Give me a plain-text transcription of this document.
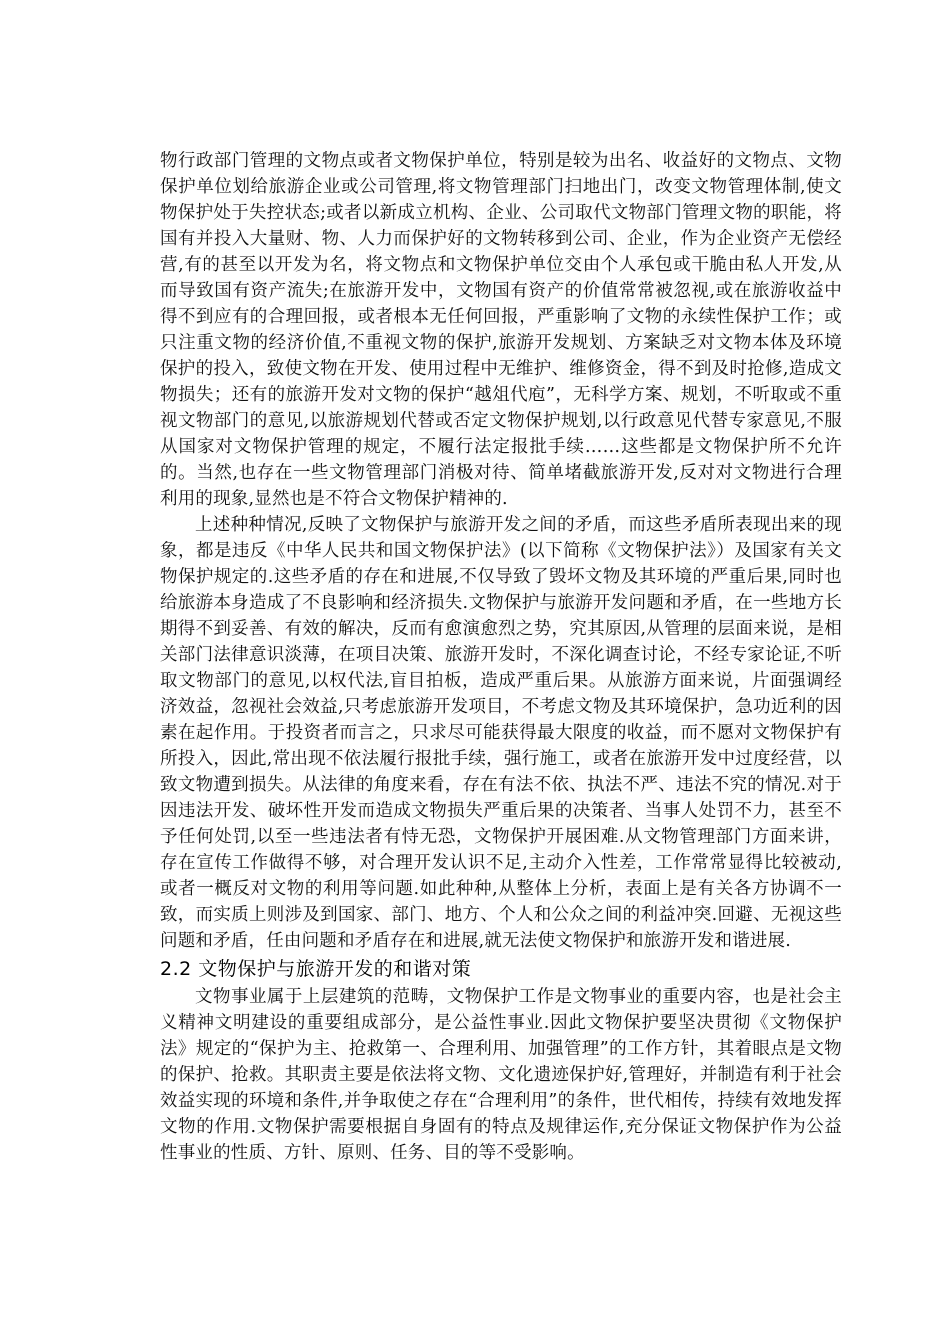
物行政部门管理的文物点或者文物保护单位，特别是较为出名、收益好的文物点、文物保护单位划给旅游企业或公司管理,将文物管理部门扫地出门，改变文物管理体制,使文物保护处于失控状态;或者以新成立机构、企业、公司取代文物部门管理文物的职能，将国有并投入大量财、物、人力而保护好的文物转移到公司、企业，作为企业资产无偿经营,有的甚至以开发为名，将文物点和文物保护单位交由个人承包或干脆由私人开发,从而导致国有资产流失;在旅游开发中，文物国有资产的价值常常被忽视,或在旅游收益中得不到应有的合理回报，或者根本无任何回报，严重影响了文物的永续性保护工作；或只注重文物的经济价值,不重视文物的保护,旅游开发规划、方案缺乏对文物本体及环境保护的投入，致使文物在开发、使用过程中无维护、维修资金，得不到及时抢修,造成文物损失；还有的旅游开发对文物的保护“越俎代庖”，无科学方案、规划，不听取或不重视文物部门的意见,以旅游规划代替或否定文物保护规划,以行政意见代替专家意见,不服从国家对文物保护管理的规定，不履行法定报批手续……这些都是文物保护所不允许的。当然,也存在一些文物管理部门消极对待、简单堵截旅游开发,反对对文物进行合理利用的现象,显然也是不符合文物保护精神的.

上述种种情况,反映了文物保护与旅游开发之间的矛盾，而这些矛盾所表现出来的现象，都是违反《中华人民共和国文物保护法》(以下简称《文物保护法》）及国家有关文物保护规定的.这些矛盾的存在和进展,不仅导致了毁坏文物及其环境的严重后果,同时也给旅游本身造成了不良影响和经济损失.文物保护与旅游开发问题和矛盾，在一些地方长期得不到妥善、有效的解决，反而有愈演愈烈之势，究其原因,从管理的层面来说，是相关部门法律意识淡薄，在项目决策、旅游开发时，不深化调查讨论，不经专家论证,不听取文物部门的意见,以权代法,盲目拍板，造成严重后果。从旅游方面来说，片面强调经济效益，忽视社会效益,只考虑旅游开发项目，不考虑文物及其环境保护，急功近利的因素在起作用。于投资者而言之，只求尽可能获得最大限度的收益，而不愿对文物保护有所投入，因此,常出现不依法履行报批手续，强行施工，或者在旅游开发中过度经营，以致文物遭到损失。从法律的角度来看，存在有法不依、执法不严、违法不究的情况.对于因违法开发、破坏性开发而造成文物损失严重后果的决策者、当事人处罚不力，甚至不予任何处罚,以至一些违法者有恃无恐，文物保护开展困难.从文物管理部门方面来讲，存在宣传工作做得不够，对合理开发认识不足,主动介入性差，工作常常显得比较被动,或者一概反对文物的利用等问题.如此种种,从整体上分析，表面上是有关各方协调不一致，而实质上则涉及到国家、部门、地方、个人和公众之间的利益冲突.回避、无视这些问题和矛盾，任由问题和矛盾存在和进展,就无法使文物保护和旅游开发和谐进展.

2.2 文物保护与旅游开发的和谐对策

文物事业属于上层建筑的范畴，文物保护工作是文物事业的重要内容，也是社会主义精神文明建设的重要组成部分，是公益性事业.因此文物保护要坚决贯彻《文物保护法》规定的“保护为主、抢救第一、合理利用、加强管理”的工作方针，其着眼点是文物的保护、抢救。其职责主要是依法将文物、文化遗迹保护好,管理好，并制造有利于社会效益实现的环境和条件,并争取使之存在“合理利用”的条件，世代相传，持续有效地发挥文物的作用.文物保护需要根据自身固有的特点及规律运作,充分保证文物保护作为公益性事业的性质、方针、原则、任务、目的等不受影响。
